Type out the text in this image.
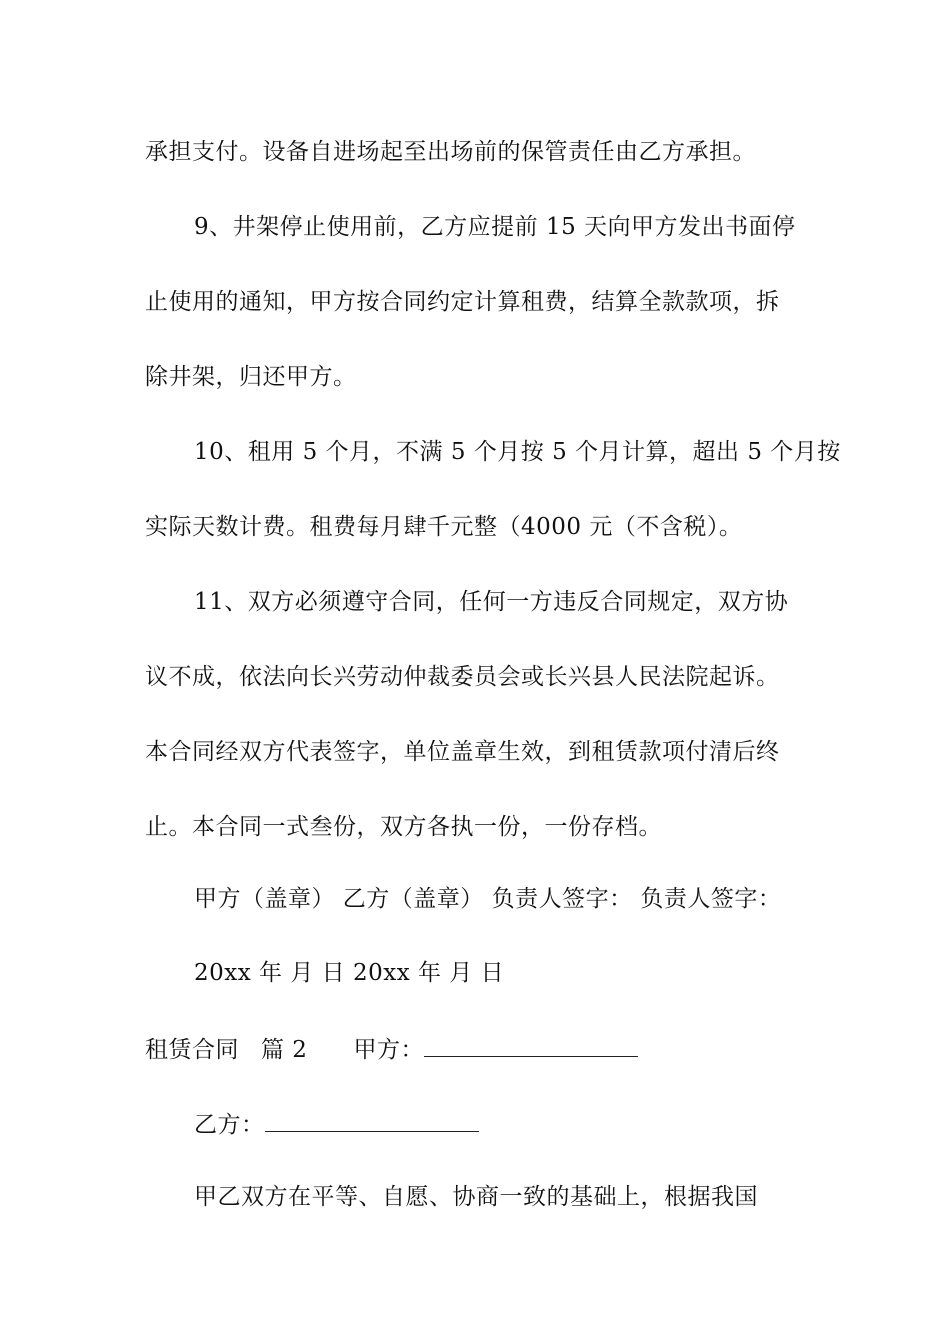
承担支付。设备自进场起至出场前的保管责任由乙方承担。
9、井架停止使用前，乙方应提前 15 天向甲方发出书面停
止使用的通知，甲方按合同约定计算租费，结算全款款项，拆
除井架，归还甲方。
10、租用 5 个月，不满 5 个月按 5 个月计算，超出 5 个月按
实际天数计费。租费每月肆千元整（4000 元（不含税）。
11、双方必须遵守合同，任何一方违反合同规定，双方协
议不成，依法向长兴劳动仲裁委员会或长兴县人民法院起诉。
本合同经双方代表签字，单位盖章生效，到租赁款项付清后终
止。本合同一式叁份，双方各执一份，一份存档。
甲方（盖章） 乙方（盖章） 负责人签字： 负责人签字：
20xx 年 月 日 20xx 年 月 日
租赁合同 篇 2 甲方：
乙方：
甲乙双方在平等、自愿、协商一致的基础上，根据我国
